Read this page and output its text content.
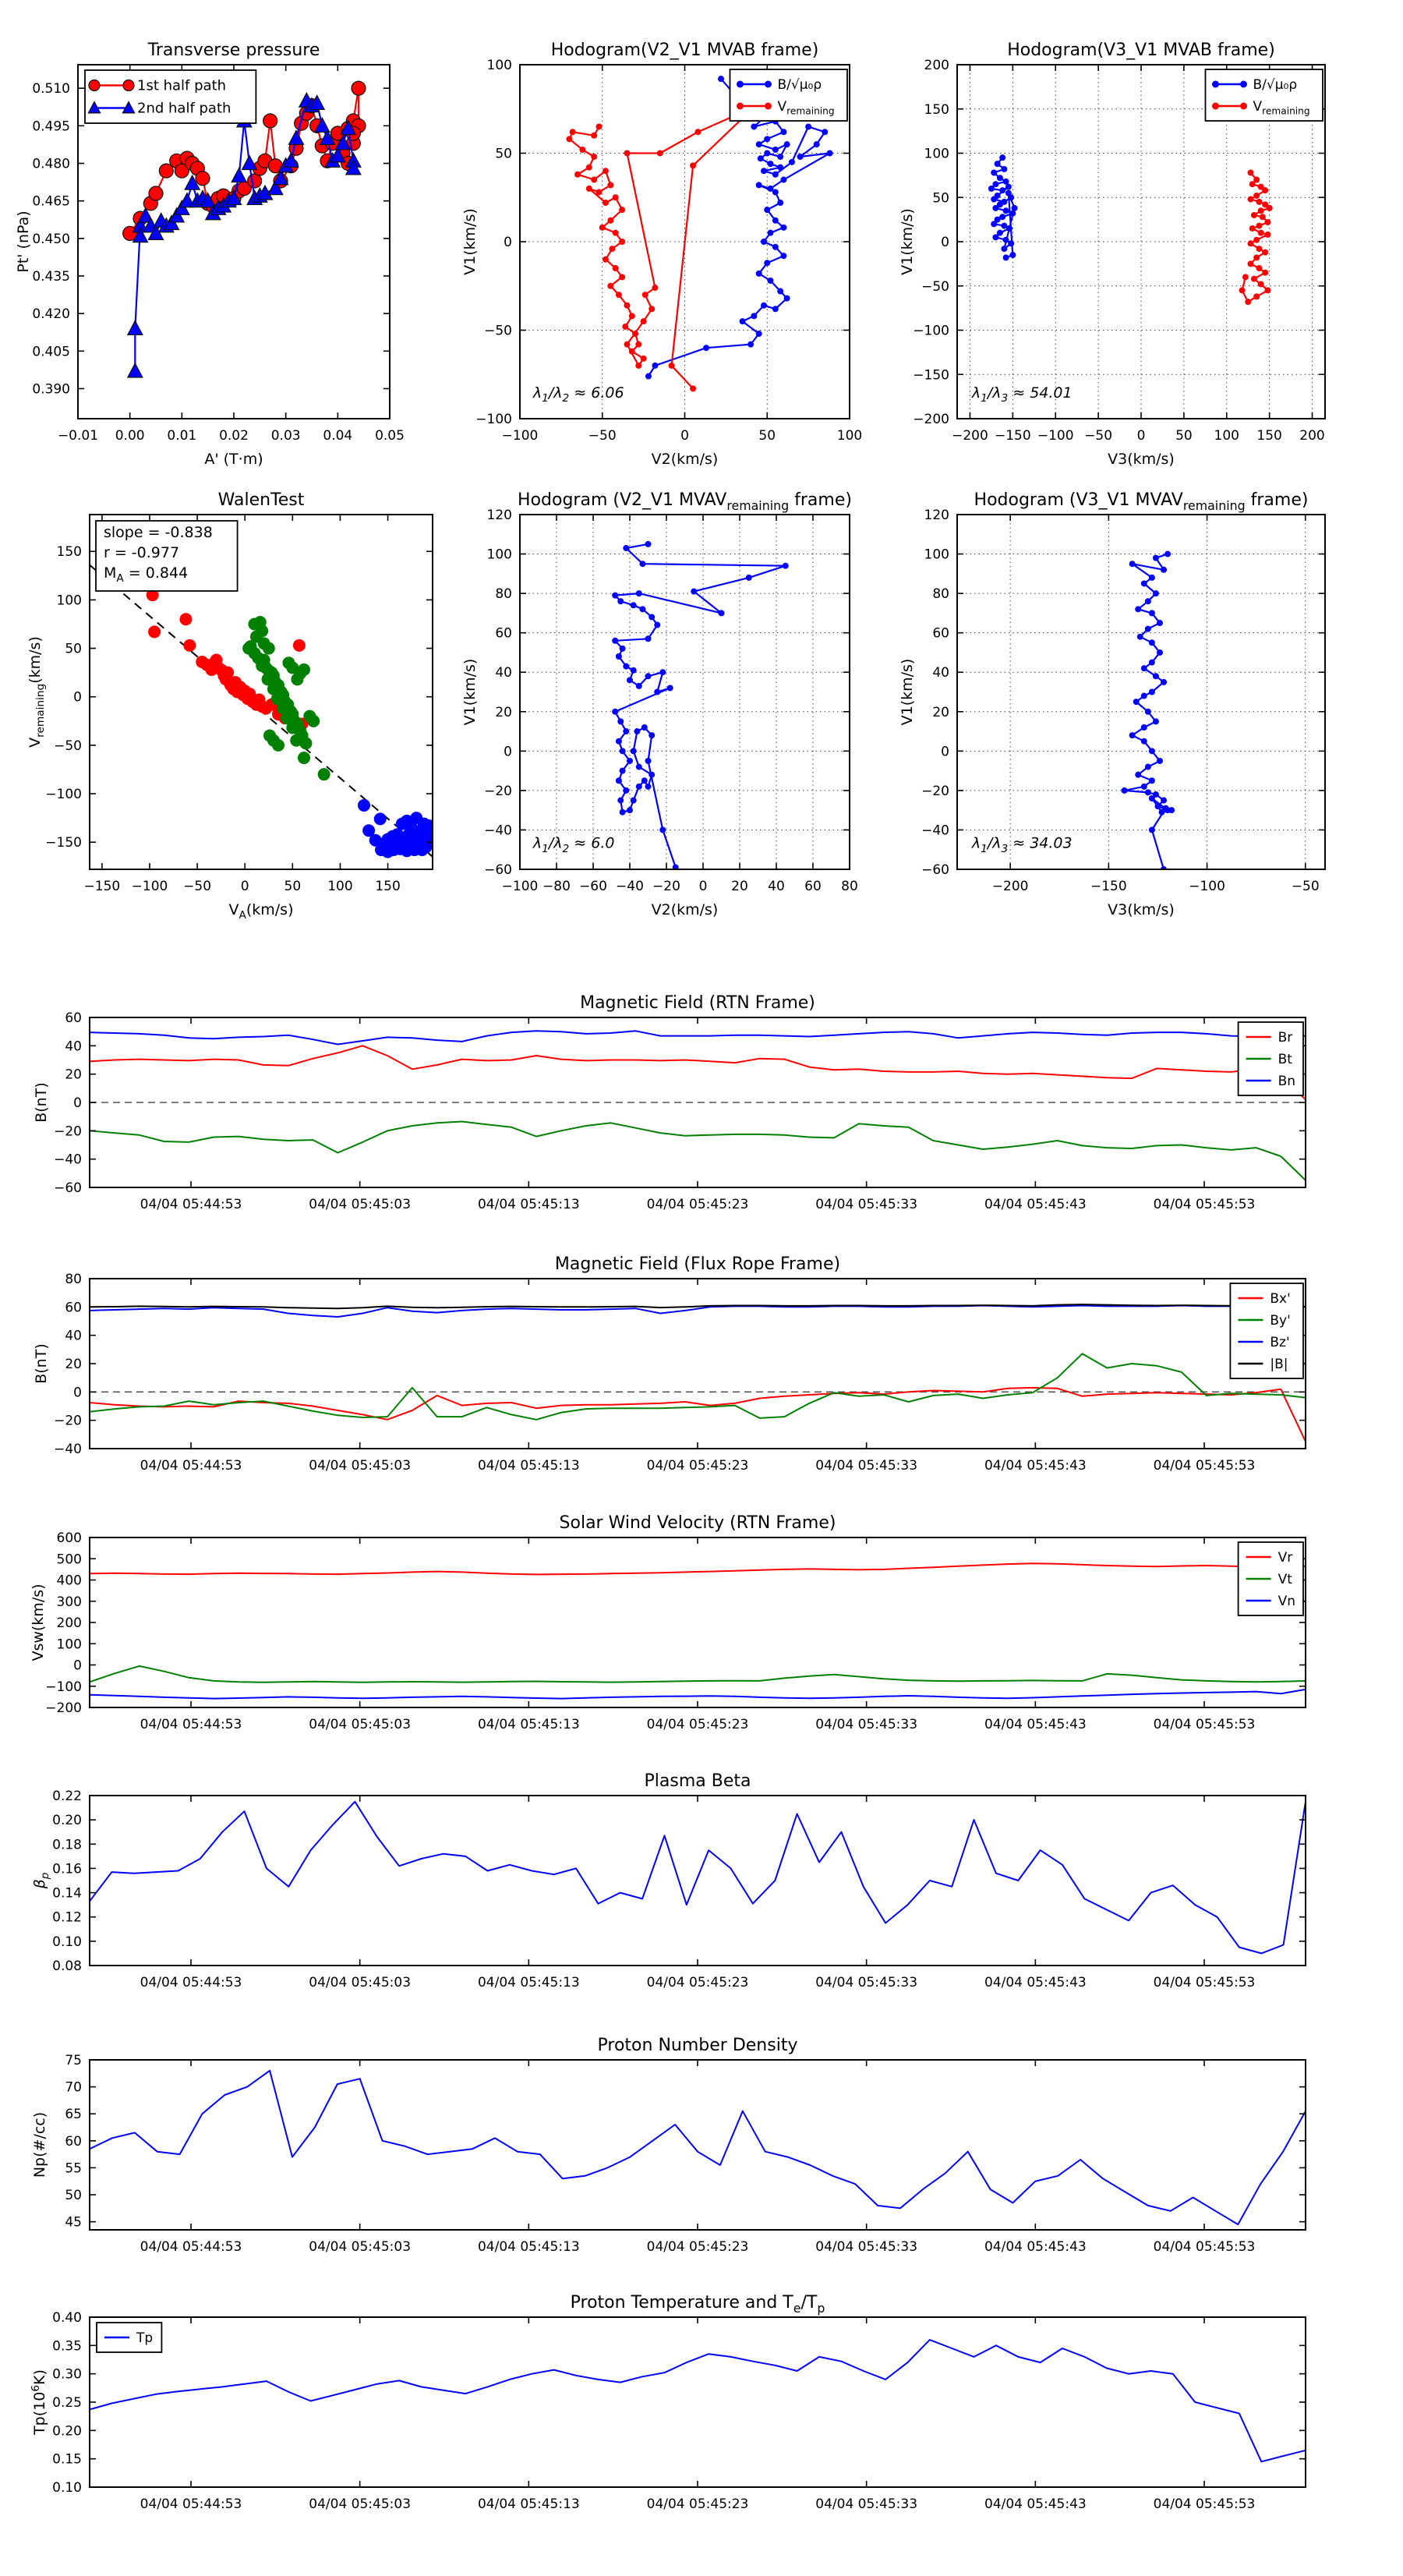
−0.01 0.00 0.01 0.02 0.03 0.04 0.05
0.390
0.405
0.420
0.435
0.450
0.465
0.480
0.495
0.510
Transverse pressure
A' (T·m)
Pt' (nPa)
1st half path
2nd half path
−100	−50	0	50	100
−100
−50
0
50
100
Hodogram(V2_V1 MVAB frame)
V2(km/s)
V1(km/s)
$\lambda_1/\lambda_2 \approx 6.06$
B/√μ₀ρ
$V_{remaining}$
−200 −150 −100 −50 0 50 100 150 200
−200
−150
−100
−50
0
50
100
150
200
Hodogram(V3_V1 MVAB frame)
V3(km/s)
V1(km/s)
$\lambda_1/\lambda_3 \approx 54.01$
B/√μ₀ρ
$V_{remaining}$
−150 −100 −50 0	50 100 150
−150
−100
−50
0
50
100
150
WalenTest
$V_A(km/s)$
$V_{remaining}(km/s)$
slope = -0.838
r = -0.977
$M_A = 0.844$
−100 −80 −60 −40 −20 0 20 40 60 80
−60
−40
−20
0
20
40
60
80
100
120
Hodogram (V2_V1 $MVAV_{remaining}$ frame)
V2(km/s)
V1(km/s)
$\lambda_1/\lambda_2 \approx 6.0$
−200	−150	−100	−50
−60
−40
−20
0
20
40
60
80
100
120
Hodogram (V3_V1 $MVAV_{remaining}$ frame)
V3(km/s)
V1(km/s)
$\lambda_1/\lambda_3 \approx 34.03$
04/04 05:44:53	04/04 05:45:03	04/04 05:45:13	04/04 05:45:23	04/04 05:45:33	04/04 05:45:43	04/04 05:45:53
−60
−40
−20
0
20
40
60
Magnetic Field (RTN Frame)
B(nT)
Br
Bt
Bn
04/04 05:44:53	04/04 05:45:03	04/04 05:45:13	04/04 05:45:23	04/04 05:45:33	04/04 05:45:43	04/04 05:45:53
−40
−20
0
20
40
60
80
Magnetic Field (Flux Rope Frame)
B(nT)
Bx'
By'
Bz'
|B|
04/04 05:44:53	04/04 05:45:03	04/04 05:45:13	04/04 05:45:23	04/04 05:45:33	04/04 05:45:43	04/04 05:45:53
−200
−100
0
100
200
300
400
500
600
Solar Wind Velocity (RTN Frame)
Vsw(km/s)
Vr
Vt
Vn
04/04 05:44:53	04/04 05:45:03	04/04 05:45:13	04/04 05:45:23	04/04 05:45:33	04/04 05:45:43	04/04 05:45:53
0.08
0.10
0.12
0.14
0.16
0.18
0.20
0.22
Plasma Beta
$\beta_p$
04/04 05:44:53	04/04 05:45:03	04/04 05:45:13	04/04 05:45:23	04/04 05:45:33	04/04 05:45:43	04/04 05:45:53
45
50
55
60
65
70
75
Proton Number Density
Np(#/cc)
04/04 05:44:53	04/04 05:45:03	04/04 05:45:13	04/04 05:45:23	04/04 05:45:33	04/04 05:45:43	04/04 05:45:53
0.10
0.15
0.20
0.25
0.30
0.35
0.40
Proton Temperature and $T_e/T_p$
$Tp(10^6K)$
Tp
